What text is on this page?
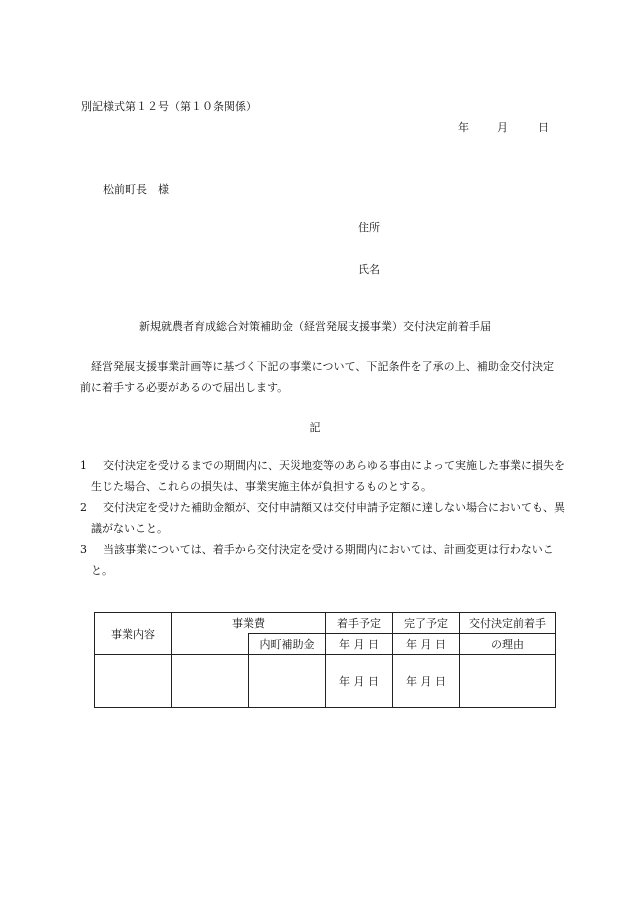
別記様式第１２号（第１０条関係）
年	月	日
松前町長　様
住所
氏名
新規就農者育成総合対策補助金（経営発展支援事業）交付決定前着手届
経営発展支援事業計画等に基づく下記の事業について、下記条件を了承の上、補助金交付決定前に着手する必要があるので届出します。
記
1 交付決定を受けるまでの期間内に、天災地変等のあらゆる事由によって実施した事業に損失を生じた場合、これらの損失は、事業実施主体が負担するものとする。
2 交付決定を受けた補助金額が、交付申請額又は交付申請予定額に達しない場合においても、異議がないこと。
3 当該事業については、着手から交付決定を受ける期間内においては、計画変更は行わないこと。
事業内容	事業費		着手予定	完了予定	交付決定前着手
		内町補助金	年 月 日	年 月 日	の理由
			年 月 日	年 月 日	
